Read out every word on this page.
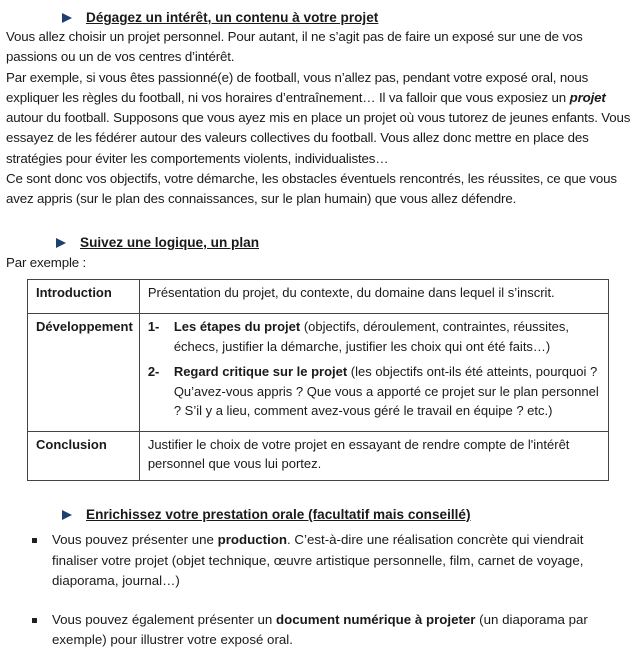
Dégagez un intérêt, un contenu à votre projet

Vous allez choisir un projet personnel. Pour autant, il ne s’agit pas de faire un exposé sur une de vos passions ou un de vos centres d’intérêt.

Par exemple, si vous êtes passionné(e) de football, vous n’allez pas, pendant votre exposé oral, nous expliquer les règles du football, ni vos horaires d’entraînement… Il va falloir que vous exposiez un projet autour du football. Supposons que vous ayez mis en place un projet où vous tutorez de jeunes enfants. Vous essayez de les fédérer autour des valeurs collectives du football. Vous allez donc mettre en place des stratégies pour éviter les comportements violents, individualistes…

Ce sont donc vos objectifs, votre démarche, les obstacles éventuels rencontrés, les réussites, ce que vous avez appris (sur le plan des connaissances, sur le plan humain) que vous allez défendre.

Suivez une logique, un plan
Par exemple :
Introduction	Présentation du projet, du contexte, du domaine dans lequel il s’inscrit.
Développement	1- Les étapes du projet (objectifs, déroulement, contraintes, réussites, échecs, justifier la démarche, justifier les choix qui ont été faits…)
2- Regard critique sur le projet (les objectifs ont-ils été atteints, pourquoi ? Qu’avez-vous appris ? Que vous a apporté ce projet sur le plan personnel ? S’il y a lieu, comment avez-vous géré le travail en équipe ? etc.)

Conclusion	Justifier le choix de votre projet en essayant de rendre compte de l'intérêt personnel que vous lui portez.
Enrichissez votre prestation orale (facultatif mais conseillé)
Vous pouvez présenter une production. C’est-à-dire une réalisation concrète qui viendrait finaliser votre projet (objet technique, œuvre artistique personnelle, film, carnet de voyage, diaporama, journal…)
Vous pouvez également présenter un document numérique à projeter (un diaporama par exemple) pour illustrer votre exposé oral.
